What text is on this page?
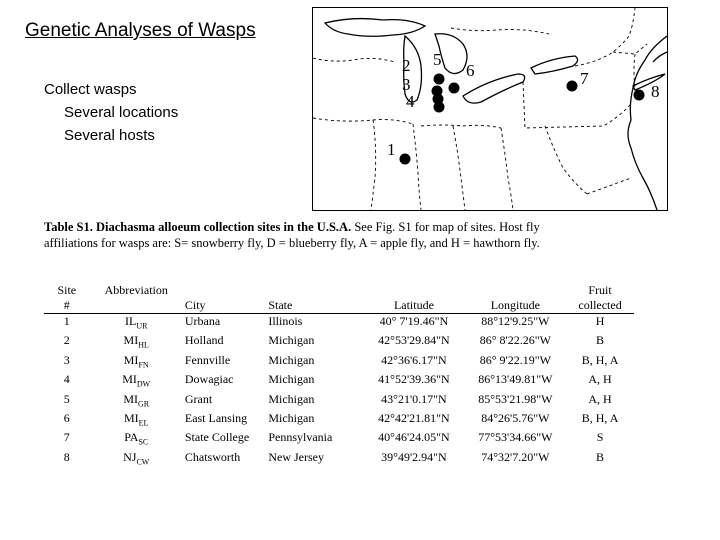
Genetic Analyses of Wasps
Collect wasps
Several locations
Several hosts
1
2
3
4
5
6	7
8
Table S1. Diachasma alloeum collection sites in the U.S.A. See Fig. S1 for map of sites. Host fly affiliations for wasps are: S= snowberry fly, D = blueberry fly, A = apple fly, and H = hawthorn fly.
Site	Abbreviation					Fruit
#		City	State	Latitude	Longitude	collected
1	$IL_{UR}$	Urbana	Illinois	40° 7'19.46"N	88°12'9.25"W	H
2	$MI_{HL}$	Holland	Michigan	42°53'29.84"N	86° 8'22.26"W	B
3	$MI_{FN}$	Fennville	Michigan	42°36'6.17"N	86° 9'22.19"W	B, H, A
4	$MI_{DW}$	Dowagiac	Michigan	41°52'39.36"N	86°13'49.81"W	A, H
5	$MI_{GR}$	Grant	Michigan	43°21'0.17"N	85°53'21.98"W	A, H
6	$MI_{EL}$	East Lansing	Michigan	42°42'21.81"N	84°26'5.76"W	B, H, A
7	$PA_{SC}$	State College	Pennsylvania	40°46'24.05"N	77°53'34.66"W	S
8	$NJ_{CW}$	Chatsworth	New Jersey	39°49'2.94"N	74°32'7.20"W	B
